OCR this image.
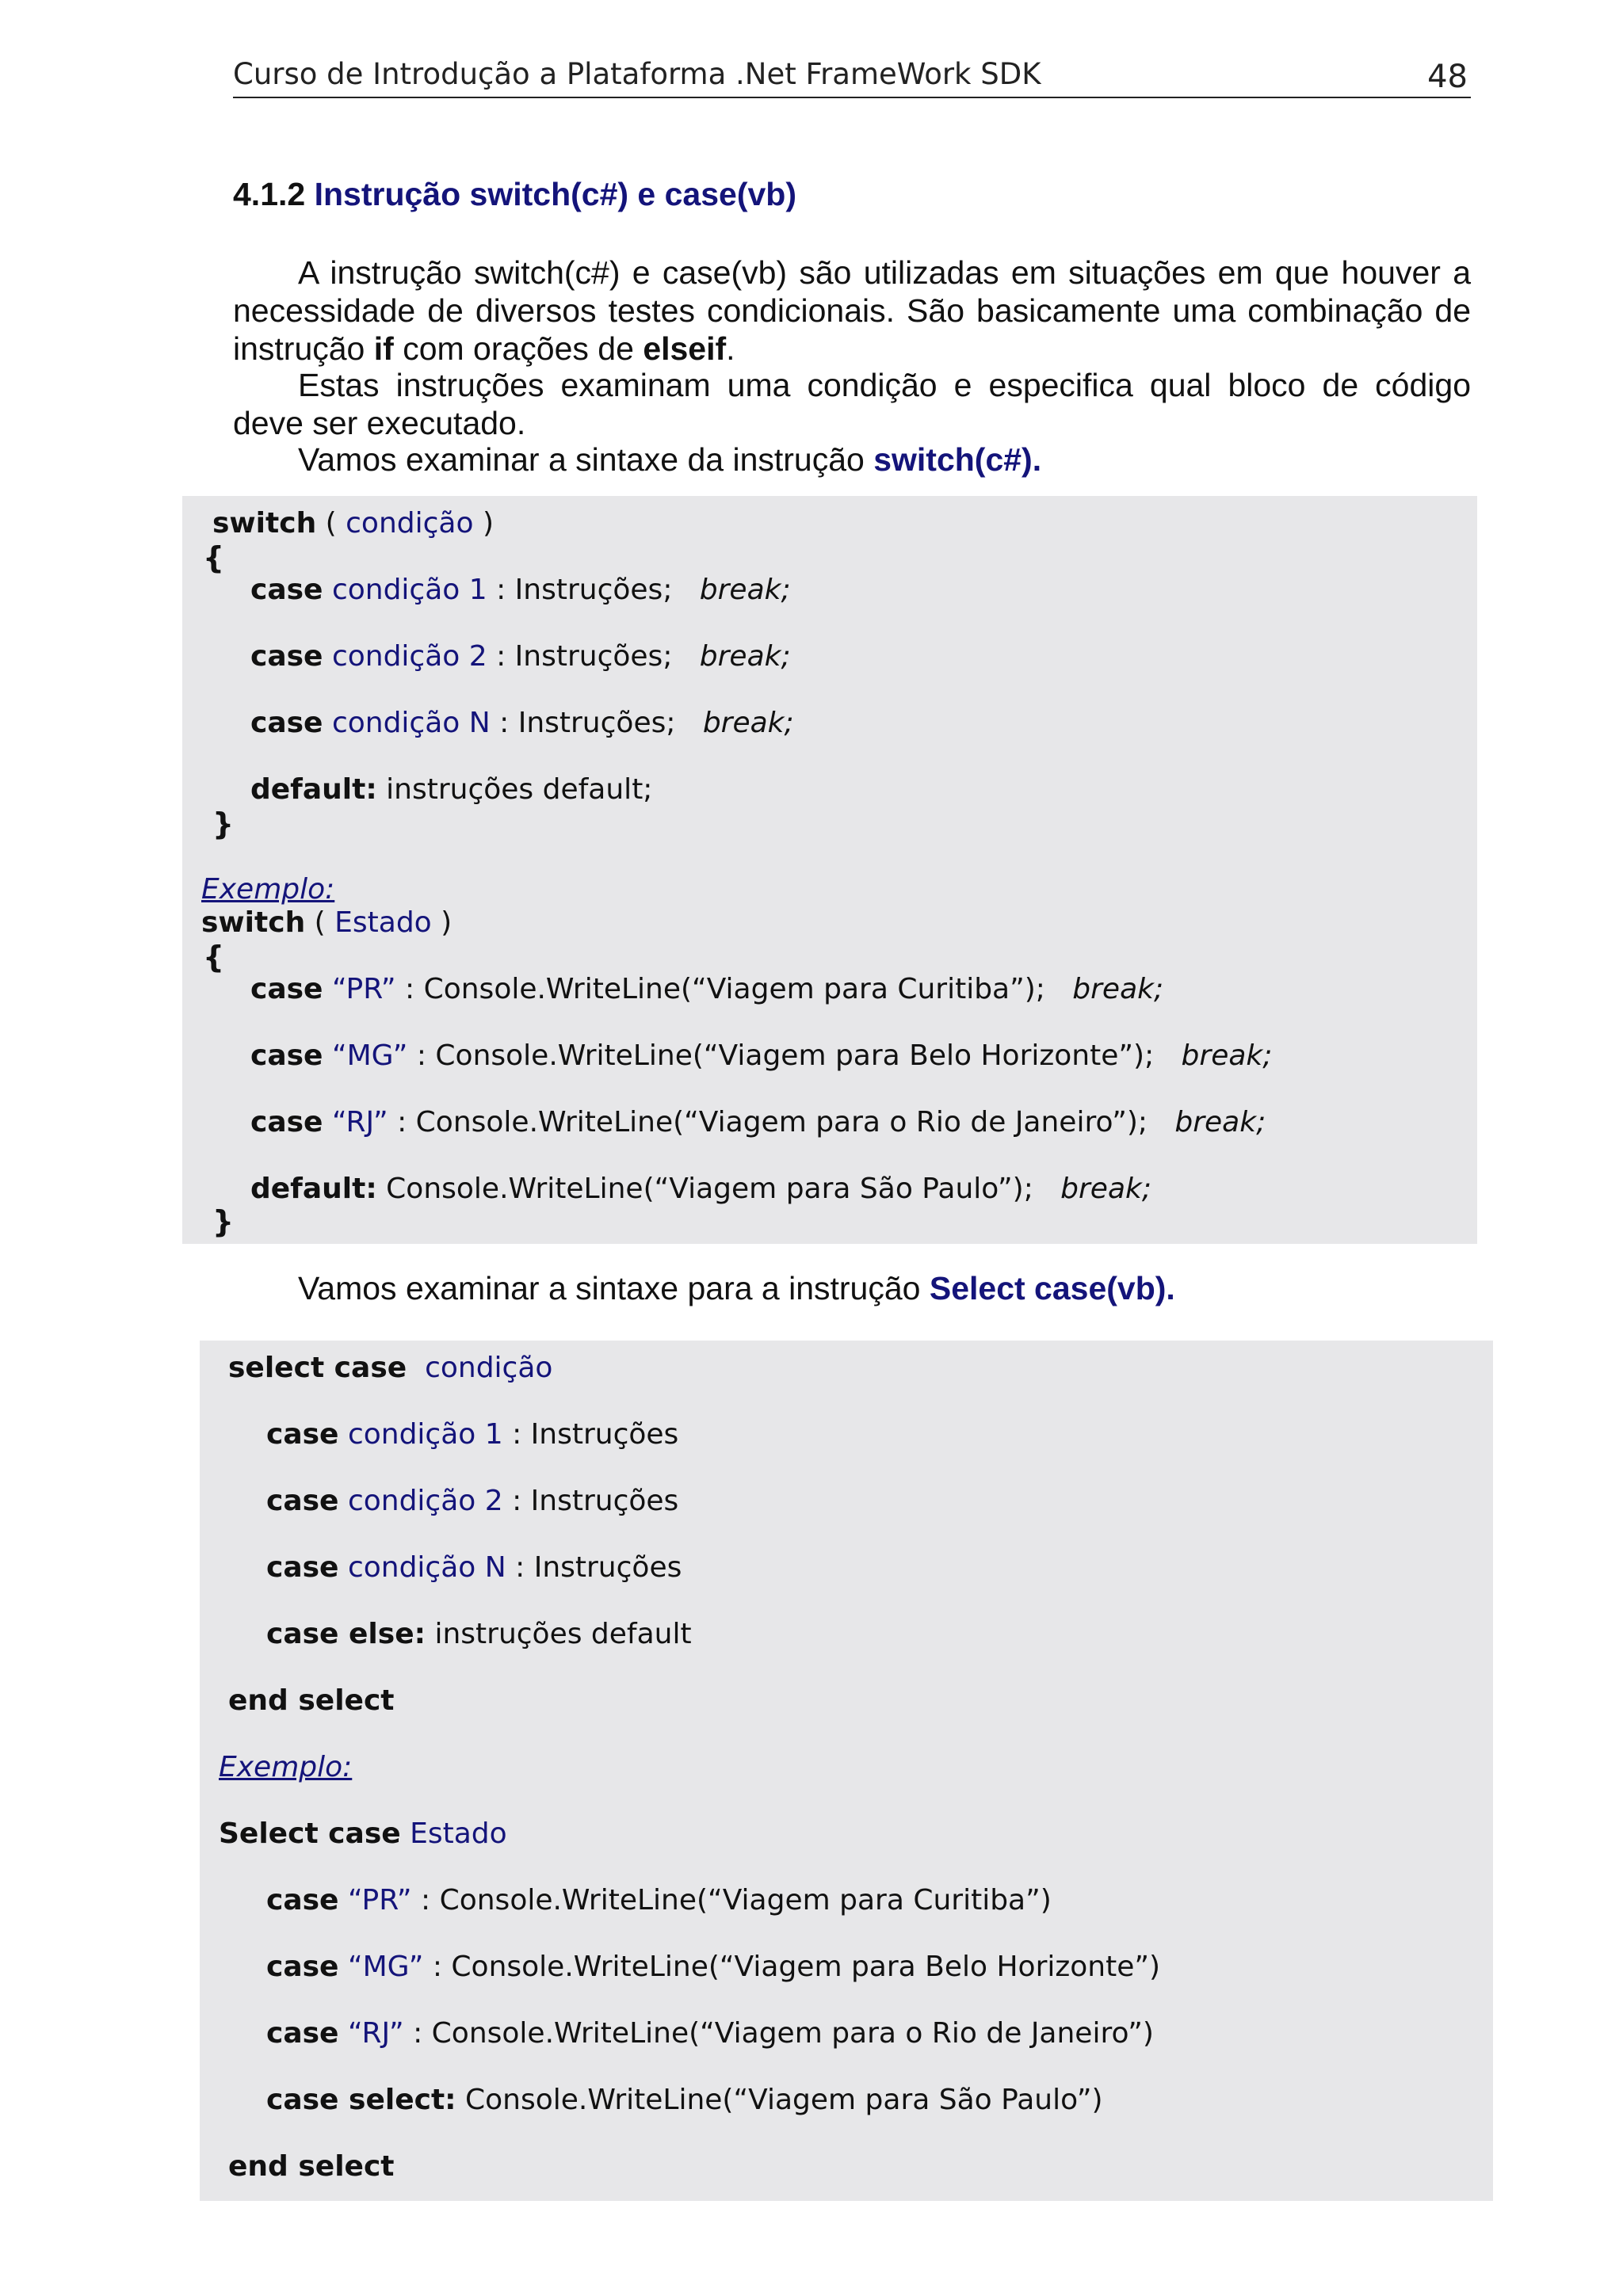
Curso de Introdução a Plataforma .Net FrameWork SDK	48
4.1.2 Instrução switch(c#) e case(vb)
A instrução switch(c#) e case(vb) são utilizadas em situações em que houver a necessidade de diversos testes condicionais. São basicamente uma combinação de instrução if com orações de elseif.
Estas instruções examinam uma condição e especifica qual bloco de código deve ser executado.
Vamos examinar a sintaxe da instrução switch(c#).
switch ( condição )
{
case condição 1 : Instruções;   break;
case condição 2 : Instruções;   break;
case condição N : Instruções;   break;
default: instruções default;
}
Exemplo:
switch ( Estado )
{
case “PR” : Console.WriteLine(“Viagem para Curitiba”);   break;
case “MG” : Console.WriteLine(“Viagem para Belo Horizonte”);   break;
case “RJ” : Console.WriteLine(“Viagem para o Rio de Janeiro”);   break;
default: Console.WriteLine(“Viagem para São Paulo”);   break;
}
Vamos examinar a sintaxe para a instrução Select case(vb).
select case condição
case condição 1 : Instruções
case condição 2 : Instruções
case condição N : Instruções
case else: instruções default
end select
Exemplo:
Select case Estado
case “PR” : Console.WriteLine(“Viagem para Curitiba”)
case “MG” : Console.WriteLine(“Viagem para Belo Horizonte”)
case “RJ” : Console.WriteLine(“Viagem para o Rio de Janeiro”)
case select: Console.WriteLine(“Viagem para São Paulo”)
end select
